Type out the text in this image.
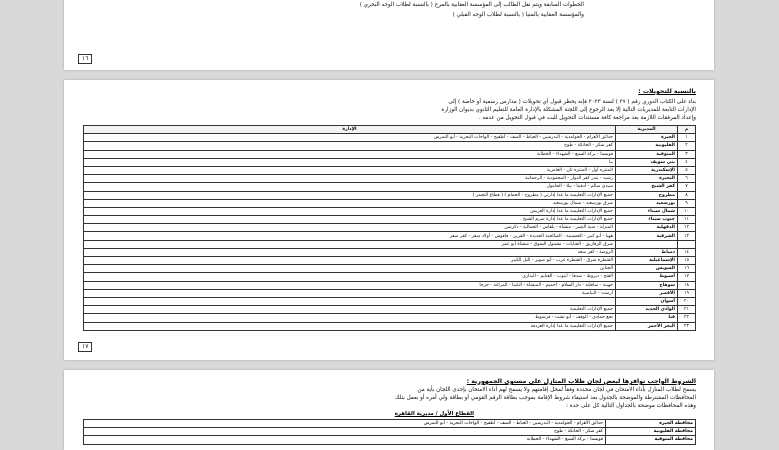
الخطوات السابقة ويتم نقل الطالب إلى المؤسسة العقابية بالمرج ( بالنسبة لطلاب الوجه البحري )
والمؤسسة العقابية بالمنيا ( بالنسبة لطلاب الوجه القبلي )
١٦
بالنسبة للتحويلات :
بناء على الكتاب الدوري رقم ( ٢٧ ) لسنة ٢٠٢٣ فإنه يحظر قبول أي تحويلات ( مدارس رسمية أو خاصة ) إلى
الإدارات التابعة للمديريات التالية إلا بعد الرجوع إلى اللجنة المشكلة بالإدارة العامة للتعليم الثانوي بديوان الوزارة
وإعداد المرفقات اللازمة بعد مراجعة كافة مستندات التحويل للبت في قبول التحويل من عدمه .
م	المديرية	الإدارة
١	الجيزة	حدائق الأهرام - الحوامدية - البدرشين - العياط - الصف - أطفيح - الواحات البحرية - أبو النمرس
٢	القليوبية	كفر شكر - الخانكة - طوخ
٣	المنوفية	قويسنا - بركة السبع - الشهداء - الحطابة
٤	بني سويف	ببا
٥	الإسكندرية	المنتزه أول - المنتزه ثان - العامرية
٦	البحيرة	رشيد - بندر كفر الدوار - المحمودية - الرحمانية
٧	كفر الشيخ	سيدي سالم - أدفينا - بيلا - الحامول
٨	مطروح	جميع الإدارات التعليمية ما عدا إدارتي ( مطروح - الحمام ) ( قطاع النجمر )
٩	بورسعيد	شرق بورسعيد - شمال بورسعيد
١٠	شمال سيناء	جميع الإدارات التعليمية ما عدا إدارة العريش
١١	جنوب سيناء	جميع الإدارات التعليمية ما عدا إدارة شرم الشيخ
١٢	الدقهلية	المنزلة - منية النصر - منشأة - بلقاس - الجمالية - دكرنس
١٣	الشرقية	ههيا - أبو كبير - الحسينية - الصالحية الجديدة - القرين - فاقوس - أولاد صقر - كفر صقر
		شرق الزقازيق - القنايات - مشتول السوق - منشأة أبو عمر
١٤	دمياط	الروضة - كفر سعد
١٥	الإسماعيلية	القنطرة شرق - القنطرة غرب - أبو صوير - التل الكبير
١٦	السويس	الجناين
١٧	أسيوط	الفتح - ديروط - صدفا - أبنوب - الغنايم - البداري
١٨	سوهاج	جهينة - ساقلتة - دار السلام - أخميم - المنشأة - البلينا - المراغة - جرجا
١٩	الأقصر	أرمنت - البياضية
٢٠	أسوان	
٢١	الوادي الجديد	جميع الإدارات التعليمية
٢٢	قنا	نجع حمادي - الوقف - أبو تشت - فرشوط
٢٣	البحر الأحمر	جميع الإدارات التعليمية ما عدا إدارة الغردقة
١٧
الشروط الواجب توافرها لبعض لجان طلاب المنازل على مستوى الجمهورية :
يسمح لطلاب المنازل بأداء الامتحان في لجان محددة وفقاً لمحل إقامتهم ولا يسمح لهم أداء الامتحان بإحدى اللجان بأية من
المحافظات المشترطة والموضحة بالجدول بعد استيفاء شروط الإقامة بموجب بطاقة الرقم القومي أو بطاقة ولي أمره أو بعمل بتلك
وهذه المحافظات موضحة بالجداول التالية كل على حدة :
القطاع الأول / مديرية القاهرة
محافظة الجيزة	حدائق الأهرام - الحوامدية - البدرشين - العياط - الصف - أطفيح - الواحات البحرية - أبو النمرس
محافظة القليوبية	كفر شكر - الخانكة - طوخ
محافظة المنوفية	قويسنا - بركة السبع - الشهداء - الحطابة
